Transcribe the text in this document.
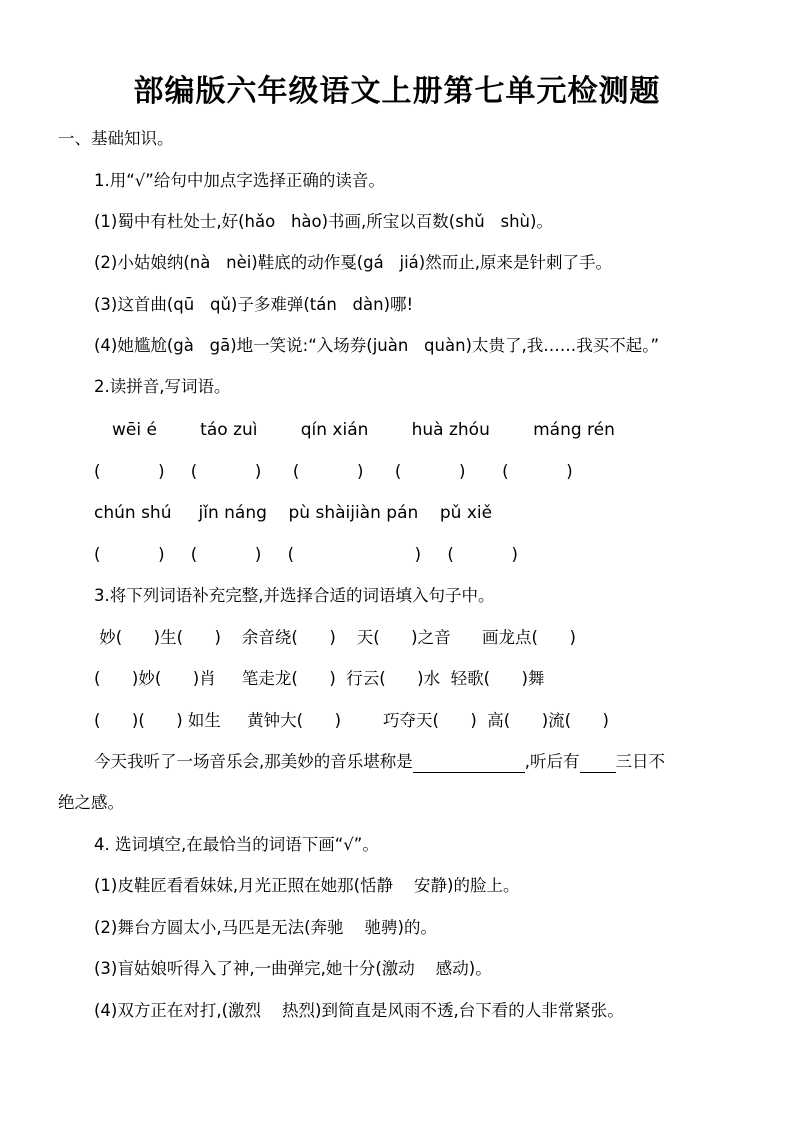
部编版六年级语文上册第七单元检测题
一、基础知识。
1.用“√”给句中加点字选择正确的读音。
(1)蜀中有杜处士,好(hǎo   hào)书画,所宝以百数(shǔ   shù)。
(2)小姑娘纳(nà   nèi)鞋底的动作戛(gá   jiá)然而止,原来是针刺了手。
(3)这首曲(qū   qǔ)子多难弹(tán   dàn)哪!
(4)她尴尬(gà   gā)地一笑说:“入场券(juàn   quàn)太贵了,我……我买不起。”
2.读拼音,写词语。
wēi é        táo zuì        qín xián        huà zhóu        máng rén
(           )     (           )      (           )      (           )       (           )
chún shú     jǐn náng    pù shàijiàn pán    pǔ xiě
(           )     (           )     (                       )     (           )
3.将下列词语补充完整,并选择合适的词语填入句子中。
妙(      )生(      )    余音绕(      )    天(      )之音      画龙点(      )
(      )妙(      )肖     笔走龙(      )  行云(      )水  轻歌(      )舞
(      )(      ) 如生     黄钟大(      )        巧夺天(      )  高(      )流(      )
今天我听了一场音乐会,那美妙的音乐堪称是	,听后有 三日不
绝之感。
4. 选词填空,在最恰当的词语下画“√”。
(1)皮鞋匠看看妹妹,月光正照在她那(恬静    安静)的脸上。
(2)舞台方圆太小,马匹是无法(奔驰    驰骋)的。
(3)盲姑娘听得入了神,一曲弹完,她十分(激动    感动)。
(4)双方正在对打,(激烈    热烈)到简直是风雨不透,台下看的人非常紧张。
